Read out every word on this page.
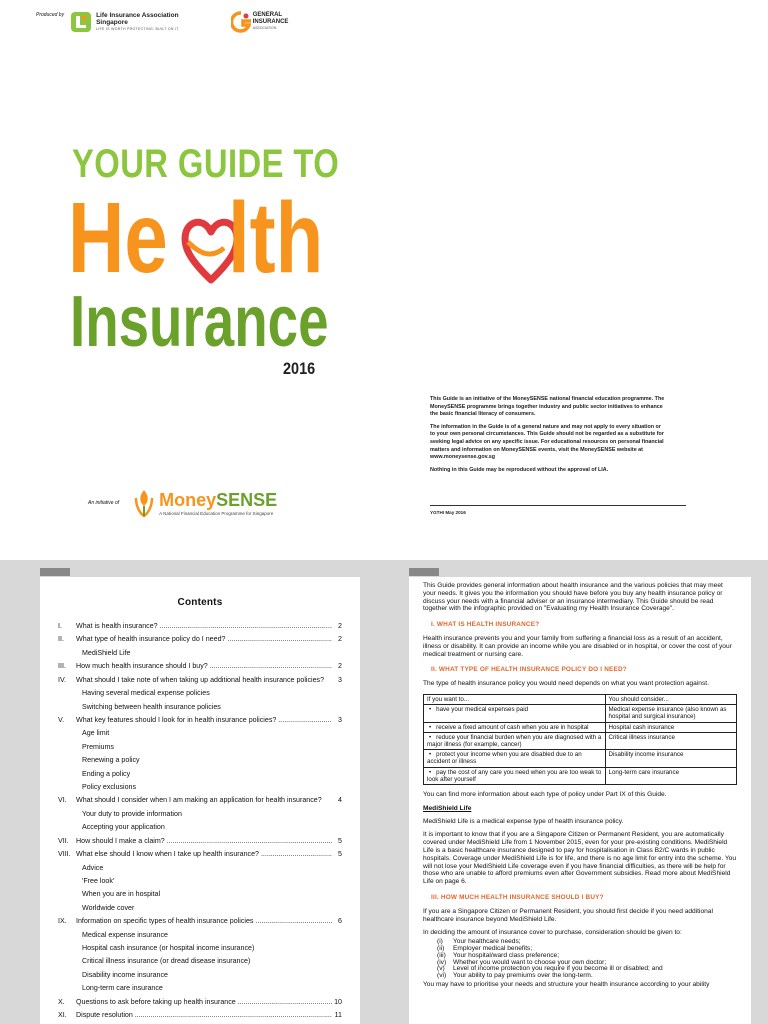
Produced by	Life Insurance Association
Singapore
LIFE IS WORTH PROTECTING, BUILT ON IT
GENERAL
INSURANCE
ASSOCIATION
YOUR GUIDE TO
He lth
Insurance
2016
An initiative of MoneySENSE
A National Financial Education Programme for Singapore

This Guide is an initiative of the MoneySENSE national financial education programme. The MoneySENSE programme brings together industry and public sector initiatives to enhance the basic financial literacy of consumers.

The information in the Guide is of a general nature and may not apply to every situation or to your own personal circumstances. This Guide should not be regarded as a substitute for seeking legal advice on any specific issue. For educational resources on personal financial matters and information on MoneySENSE events, visit the MoneySENSE website at www.moneysense.gov.sg

Nothing in this Guide may be reproduced without the approval of LIA.

YGTHI May 2016
Contents
I.	What is health insurance? .....	2
II.	What type of health insurance policy do I need? .....	2
MediShield Life
III.	How much health insurance should I buy? .....	2
IV.	What should I take note of when taking up additional health insurance policies?	3
Having several medical expense policies
Switching between health insurance policies
V.	What key features should I look for in health insurance policies? .....	3
Age limit
Premiums
Renewing a policy
Ending a policy
Policy exclusions
VI.	What should I consider when I am making an application for health insurance?	4
Your duty to provide information
Accepting your application
VII.	How should I make a claim? .....	5
VIII. What else should I know when I take up health insurance? .....	5
Advice
'Free look'
When you are in hospital
Worldwide cover
IX.	Information on specific types of health insurance policies .....	6
Medical expense insurance
Hospital cash insurance (or hospital income insurance)
Critical illness insurance (or dread disease insurance)
Disability income insurance
Long-term care insurance
X.	Questions to ask before taking up health insurance .....	10
XI.	Dispute resolution .....	11

This Guide provides general information about health insurance and the various policies that may meet your needs. It gives you the information you should have before you buy any health insurance policy or discuss your needs with a financial adviser or an insurance intermediary. This Guide should be read together with the infographic provided on "Evaluating my Health Insurance Coverage".

I. WHAT IS HEALTH INSURANCE?

Health insurance prevents you and your family from suffering a financial loss as a result of an accident, illness or disability. It can provide an income while you are disabled or in hospital, or cover the cost of your medical treatment or nursing care.

II. WHAT TYPE OF HEALTH INSURANCE POLICY DO I NEED?

The type of health insurance policy you would need depends on what you want protection against.

If you want to...	You should consider...
• have your medical expenses paid	Medical expense insurance (also known as hospital and surgical insurance)
• receive a fixed amount of cash when you are in hospital	Hospital cash insurance
• reduce your financial burden when you are diagnosed with a major illness (for example, cancer)	Critical illness insurance
• protect your income when you are disabled due to an accident or illness	Disability income insurance
• pay the cost of any care you need when you are too weak to look after yourself	Long-term care insurance

You can find more information about each type of policy under Part IX of this Guide.

MediShield Life

MediShield Life is a medical expense type of health insurance policy.

It is important to know that if you are a Singapore Citizen or Permanent Resident, you are automatically covered under MediShield Life from 1 November 2015, even for your pre-existing conditions. MediShield Life is a basic healthcare insurance designed to pay for hospitalisation in Class B2/C wards in public hospitals. Coverage under MediShield Life is for life, and there is no age limit for entry into the scheme. You will not lose your MediShield Life coverage even if you have financial difficulties, as there will be help for those who are unable to afford premiums even after Government subsidies. Read more about MediShield Life on page 6.

III. HOW MUCH HEALTH INSURANCE SHOULD I BUY?

If you are a Singapore Citizen or Permanent Resident, you should first decide if you need additional healthcare insurance beyond MediShield Life.

In deciding the amount of insurance cover to purchase, consideration should be given to:

(i)	Your healthcare needs;
(ii)	Employer medical benefits;
(iii)	Your hospital/ward class preference;
(iv)	Whether you would want to choose your own doctor;
(v)	Level of income protection you require if you become ill or disabled; and
(vi)	Your ability to pay premiums over the long-term.

You may have to prioritise your needs and structure your health insurance according to your ability
